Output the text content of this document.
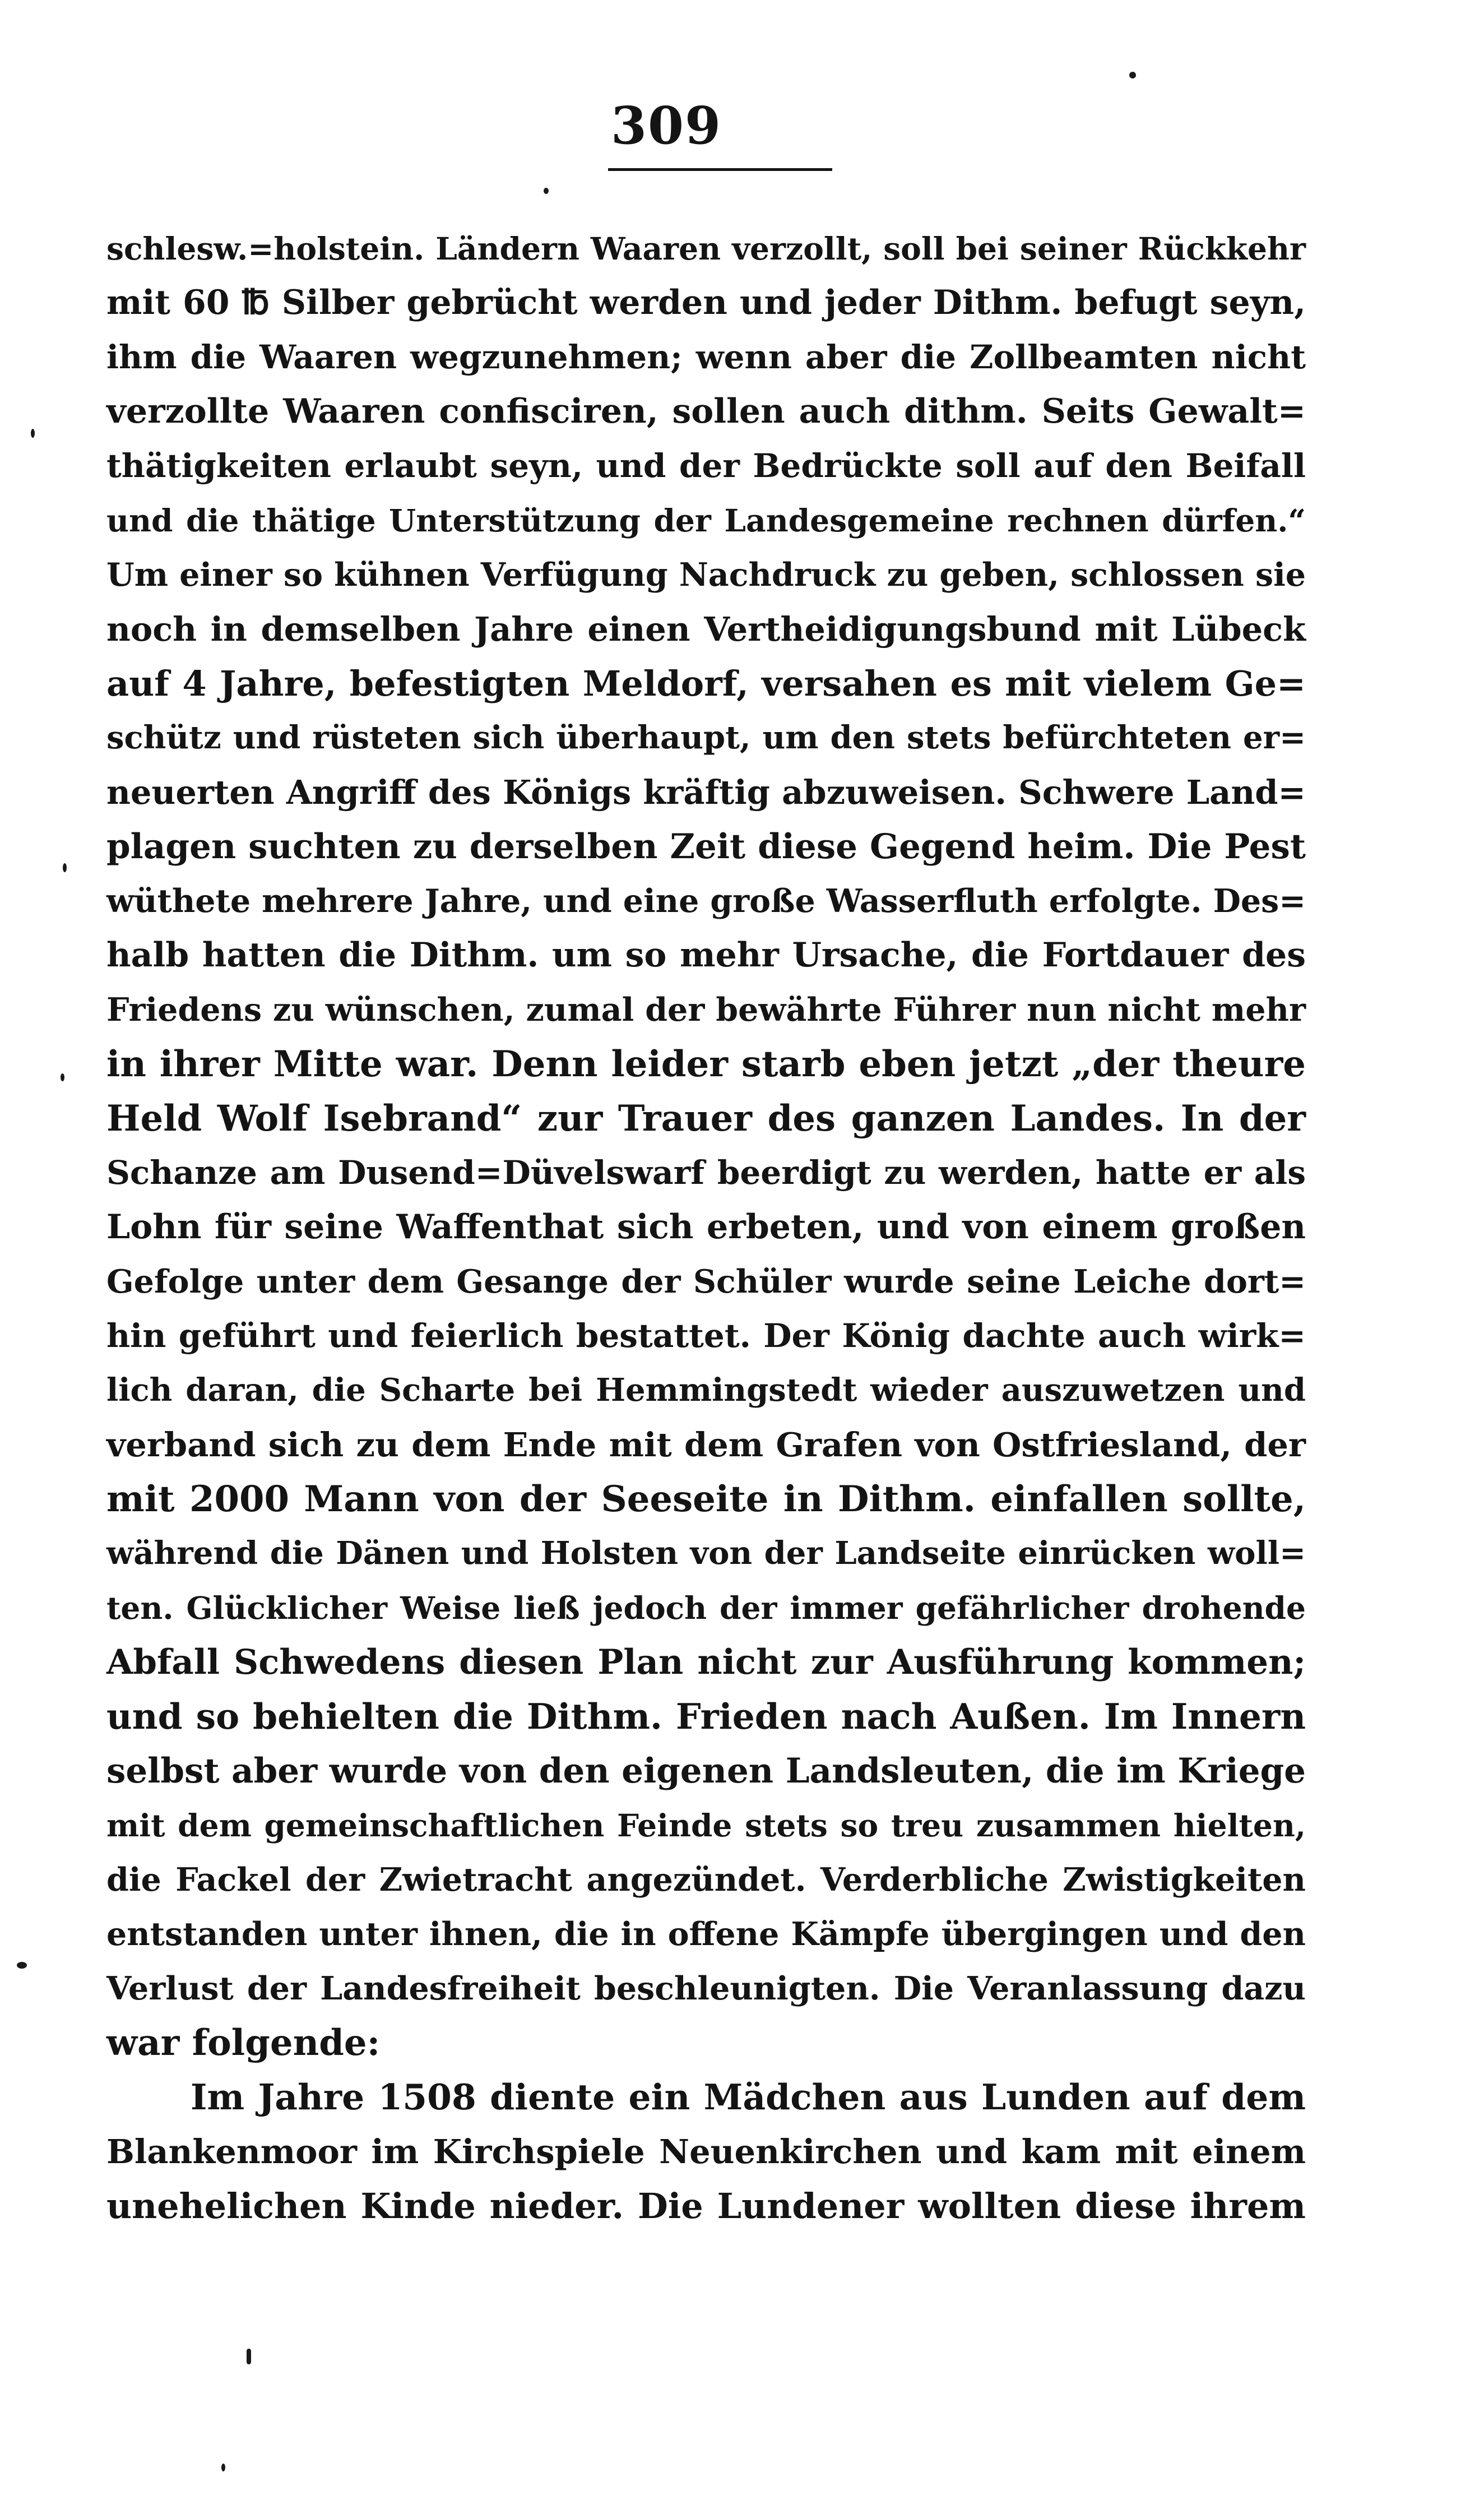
309
schlesw.=holstein. Ländern Waaren verzollt, soll bei seiner Rückkehr
mit 60 ℔ Silber gebrücht werden und jeder Dithm. befugt seyn,
ihm die Waaren wegzunehmen; wenn aber die Zollbeamten nicht
verzollte Waaren confisciren, sollen auch dithm. Seits Gewalt=
thätigkeiten erlaubt seyn, und der Bedrückte soll auf den Beifall
und die thätige Unterstützung der Landesgemeine rechnen dürfen.“
Um einer so kühnen Verfügung Nachdruck zu geben, schlossen sie
noch in demselben Jahre einen Vertheidigungsbund mit Lübeck
auf 4 Jahre, befestigten Meldorf, versahen es mit vielem Ge=
schütz und rüsteten sich überhaupt, um den stets befürchteten er=
neuerten Angriff des Königs kräftig abzuweisen. Schwere Land=
plagen suchten zu derselben Zeit diese Gegend heim. Die Pest
wüthete mehrere Jahre, und eine große Wasserfluth erfolgte. Des=
halb hatten die Dithm. um so mehr Ursache, die Fortdauer des
Friedens zu wünschen, zumal der bewährte Führer nun nicht mehr
in ihrer Mitte war. Denn leider starb eben jetzt „der theure
Held Wolf Isebrand“ zur Trauer des ganzen Landes. In der
Schanze am Dusend=Düvelswarf beerdigt zu werden, hatte er als
Lohn für seine Waffenthat sich erbeten, und von einem großen
Gefolge unter dem Gesange der Schüler wurde seine Leiche dort=
hin geführt und feierlich bestattet. Der König dachte auch wirk=
lich daran, die Scharte bei Hemmingstedt wieder auszuwetzen und
verband sich zu dem Ende mit dem Grafen von Ostfriesland, der
mit 2000 Mann von der Seeseite in Dithm. einfallen sollte,
während die Dänen und Holsten von der Landseite einrücken woll=
ten. Glücklicher Weise ließ jedoch der immer gefährlicher drohende
Abfall Schwedens diesen Plan nicht zur Ausführung kommen;
und so behielten die Dithm. Frieden nach Außen. Im Innern
selbst aber wurde von den eigenen Landsleuten, die im Kriege
mit dem gemeinschaftlichen Feinde stets so treu zusammen hielten,
die Fackel der Zwietracht angezündet. Verderbliche Zwistigkeiten
entstanden unter ihnen, die in offene Kämpfe übergingen und den
Verlust der Landesfreiheit beschleunigten. Die Veranlassung dazu
war folgende:
Im Jahre 1508 diente ein Mädchen aus Lunden auf dem
Blankenmoor im Kirchspiele Neuenkirchen und kam mit einem
unehelichen Kinde nieder. Die Lundener wollten diese ihrem
